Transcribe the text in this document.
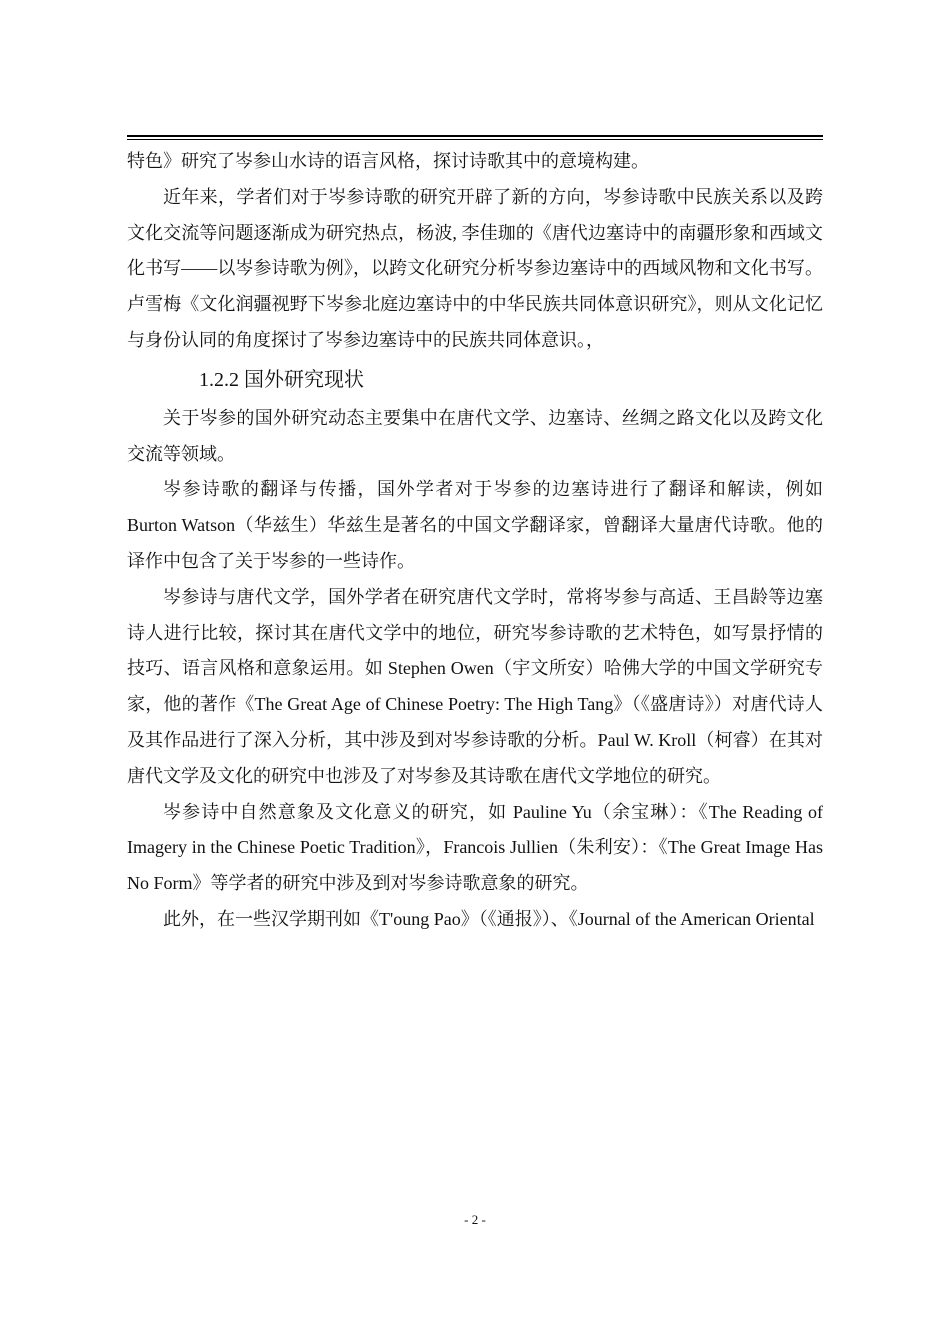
特色》研究了岑参山水诗的语言风格，探讨诗歌其中的意境构建。

近年来，学者们对于岑参诗歌的研究开辟了新的方向，岑参诗歌中民族关系以及跨文化交流等问题逐渐成为研究热点，杨波, 李佳珈的《唐代边塞诗中的南疆形象和西域文化书写——以岑参诗歌为例》，以跨文化研究分析岑参边塞诗中的西域风物和文化书写。卢雪梅《文化润疆视野下岑参北庭边塞诗中的中华民族共同体意识研究》，则从文化记忆与身份认同的角度探讨了岑参边塞诗中的民族共同体意识。，

1.2.2 国外研究现状

关于岑参的国外研究动态主要集中在唐代文学、边塞诗、丝绸之路文化以及跨文化交流等领域。

岑参诗歌的翻译与传播，国外学者对于岑参的边塞诗进行了翻译和解读，例如Burton Watson（华兹生）华兹生是著名的中国文学翻译家，曾翻译大量唐代诗歌。他的译作中包含了关于岑参的一些诗作。

岑参诗与唐代文学，国外学者在研究唐代文学时，常将岑参与高适、王昌龄等边塞诗人进行比较，探讨其在唐代文学中的地位，研究岑参诗歌的艺术特色，如写景抒情的技巧、语言风格和意象运用。如 Stephen Owen（宇文所安）哈佛大学的中国文学研究专家，他的著作《The Great Age of Chinese Poetry: The High Tang》（《盛唐诗》）对唐代诗人及其作品进行了深入分析，其中涉及到对岑参诗歌的分析。Paul W. Kroll（柯睿）在其对唐代文学及文化的研究中也涉及了对岑参及其诗歌在唐代文学地位的研究。

岑参诗中自然意象及文化意义的研究，如 Pauline Yu（余宝琳）：《The Reading of Imagery in the Chinese Poetic Tradition》，Francois Jullien（朱利安）：《The Great Image Has No Form》等学者的研究中涉及到对岑参诗歌意象的研究。

此外，在一些汉学期刊如《T'oung Pao》（《通报》）、《Journal of the American Oriental

- 2 -
